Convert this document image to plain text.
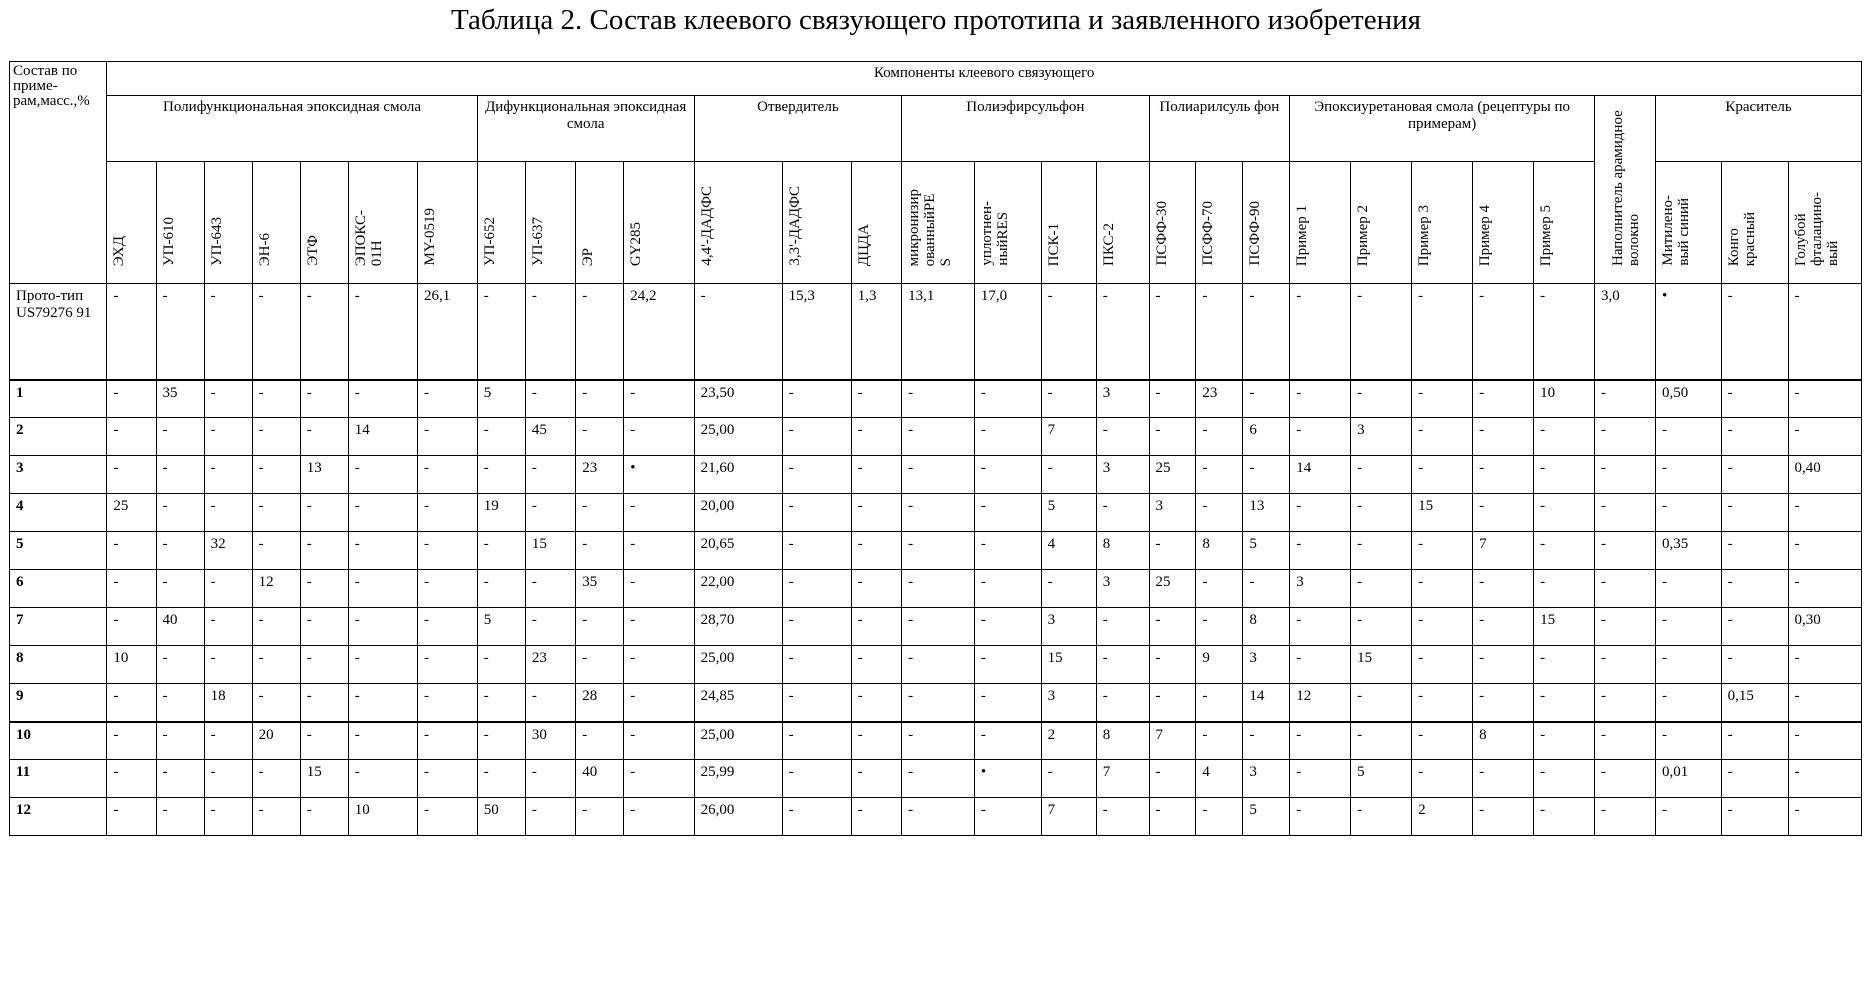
Таблица 2. Состав клеевого связующего прототипа и заявленного изобретения
Состав по приме-рам,масс.,%	Компоненты клеевого связующего
Полифункциональная эпоксидная смола	Дифункциональная эпоксидная смола	Отвердитель	Полиэфирсульфон	Полиарилсуль фон	Эпоксиуретановая смола (рецептуры по примерам)	Наполнитель арамидное волокно	Краситель
ЭХД	УП-610	УП-643	ЭН-6	ЭТФ	ЭПОКС-
01Н	MY-0519	УП-652	УП-637	ЭР	GY285	4,4'-ДАДФС	3,3'-ДАДФС	ДЦДА	микронизир
ованныйРЕ
S	уплотнен-
ныйRES	ПСК-1	ПКС-2	ПСФФ-30	ПСФФ-70	ПСФФ-90	Пример 1	Пример 2	Пример 3	Пример 4	Пример 5	Митилено-
вый синий	Конго
красный	Голубой
фталацино-
вый
Прото-тип US79276 91	-	-	-	-	-	-	26,1	-	-	-	24,2	-	15,3	1,3	13,1	17,0	-	-	-	-	-	-	-	-	-	-	3,0	•	-	-
1	-	35	-	-	-	-	-	5	-	-	-	23,50	-	-	-	-	-	3	-	23	-	-	-	-	-	10	-	0,50	-	-
2	-	-	-	-	-	14	-	-	45	-	-	25,00	-	-	-	-	7	-	-	-	6	-	3	-	-	-	-	-	-	-
3	-	-	-	-	13	-	-	-	-	23	•	21,60	-	-	-	-	-	3	25	-	-	14	-	-	-	-	-	-	-	0,40
4	25	-	-	-	-	-	-	19	-	-	-	20,00	-	-	-	-	5	-	3	-	13	-	-	15	-	-	-	-	-	-
5	-	-	32	-	-	-	-	-	15	-	-	20,65	-	-	-	-	4	8	-	8	5	-	-	-	7	-	-	0,35	-	-
6	-	-	-	12	-	-	-	-	-	35	-	22,00	-	-	-	-	-	3	25	-	-	3	-	-	-	-	-	-	-	-
7	-	40	-	-	-	-	-	5	-	-	-	28,70	-	-	-	-	3	-	-	-	8	-	-	-	-	15	-	-	-	0,30
8	10	-	-	-	-	-	-	-	23	-	-	25,00	-	-	-	-	15	-	-	9	3	-	15	-	-	-	-	-	-	-
9	-	-	18	-	-	-	-	-	-	28	-	24,85	-	-	-	-	3	-	-	-	14	12	-	-	-	-	-	-	0,15	-
10	-	-	-	20	-	-	-	-	30	-	-	25,00	-	-	-	-	2	8	7	-	-	-	-	-	8	-	-	-	-	-
11	-	-	-	-	15	-	-	-	-	40	-	25,99	-	-	-	•	-	7	-	4	3	-	5	-	-	-	-	0,01	-	-
12	-	-	-	-	-	10	-	50	-	-	-	26,00	-	-	-	-	7	-	-	-	5	-	-	2	-	-	-	-	-	-
